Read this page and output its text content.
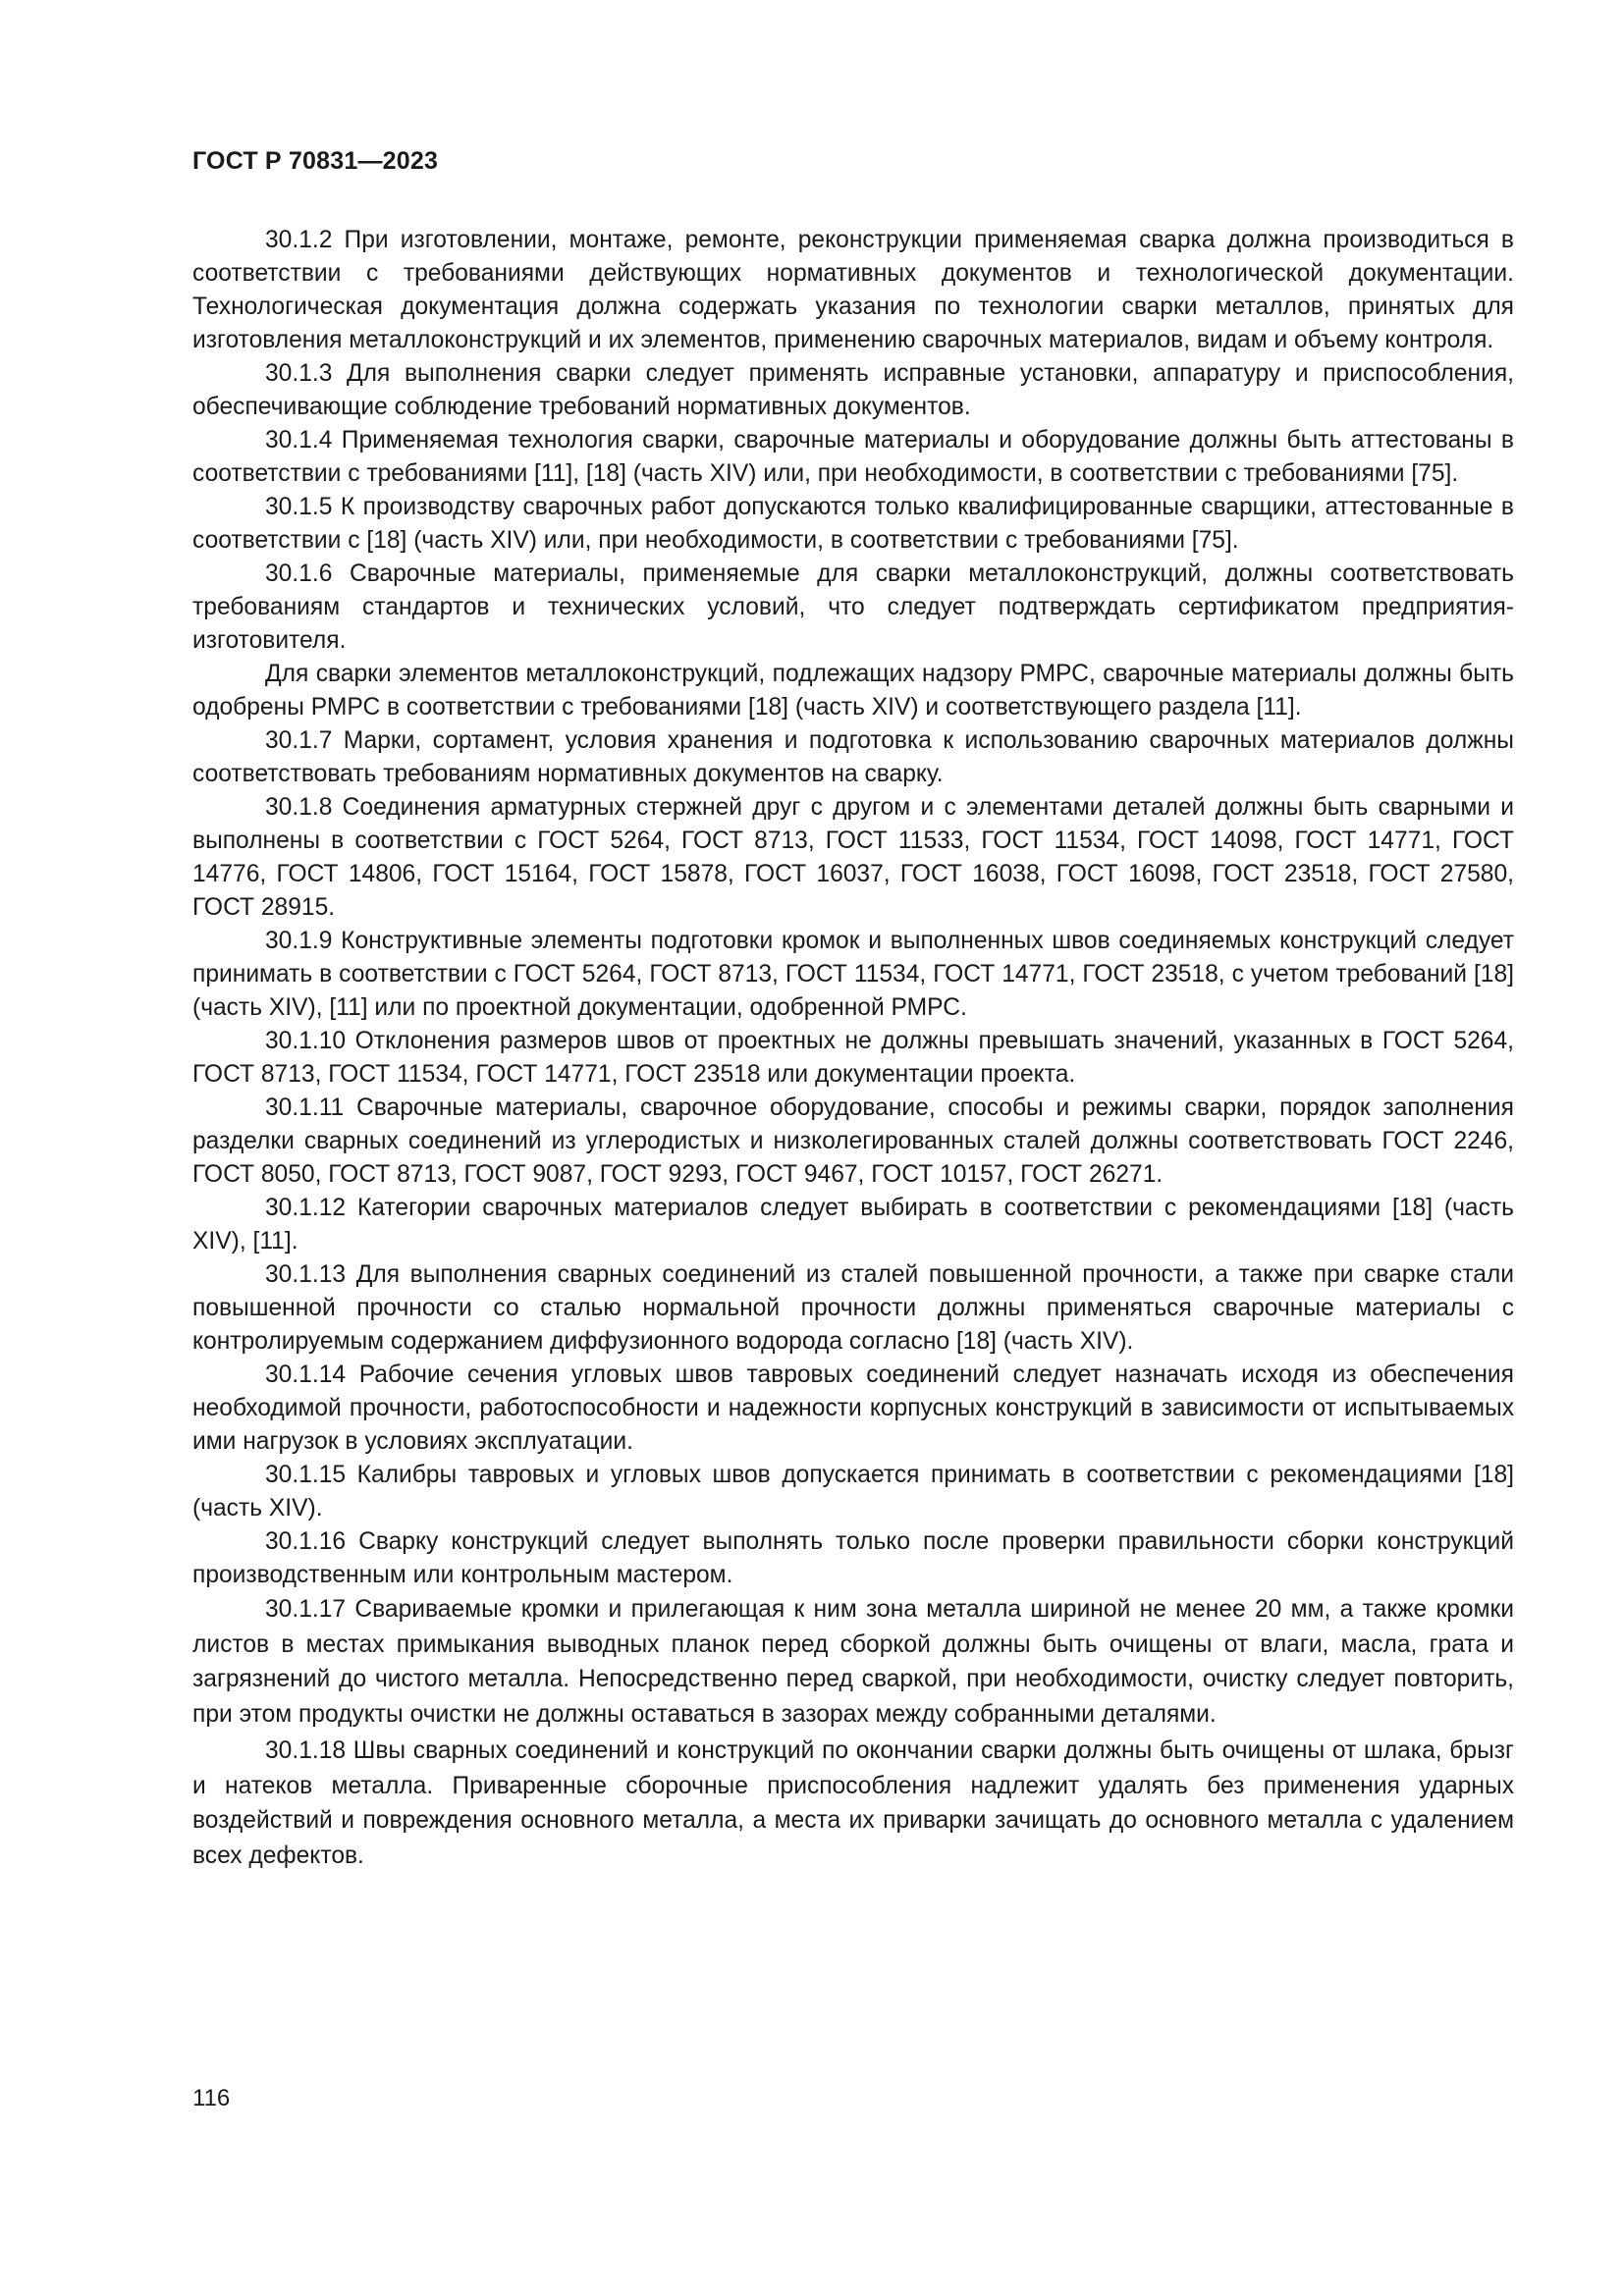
ГОСТ Р 70831—2023

30.1.2 При изготовлении, монтаже, ремонте, реконструкции применяемая сварка должна производиться в соответствии с требованиями действующих нормативных документов и технологической документации. Технологическая документация должна содержать указания по технологии сварки металлов, принятых для изготовления металлоконструкций и их элементов, применению сварочных материалов, видам и объему контроля.

30.1.3 Для выполнения сварки следует применять исправные установки, аппаратуру и приспособления, обеспечивающие соблюдение требований нормативных документов.

30.1.4 Применяемая технология сварки, сварочные материалы и оборудование должны быть аттестованы в соответствии с требованиями [11], [18] (часть XIV) или, при необходимости, в соответствии с требованиями [75].

30.1.5 К производству сварочных работ допускаются только квалифицированные сварщики, аттестованные в соответствии с [18] (часть XIV) или, при необходимости, в соответствии с требованиями [75].

30.1.6 Сварочные материалы, применяемые для сварки металлоконструкций, должны соответствовать требованиям стандартов и технических условий, что следует подтверждать сертификатом предприятия-изготовителя.

Для сварки элементов металлоконструкций, подлежащих надзору РМРС, сварочные материалы должны быть одобрены РМРС в соответствии с требованиями [18] (часть XIV) и соответствующего раздела [11].

30.1.7 Марки, сортамент, условия хранения и подготовка к использованию сварочных материалов должны соответствовать требованиям нормативных документов на сварку.

30.1.8 Соединения арматурных стержней друг с другом и с элементами деталей должны быть сварными и выполнены в соответствии с ГОСТ 5264, ГОСТ 8713, ГОСТ 11533, ГОСТ 11534, ГОСТ 14098, ГОСТ 14771, ГОСТ 14776, ГОСТ 14806, ГОСТ 15164, ГОСТ 15878, ГОСТ 16037, ГОСТ 16038, ГОСТ 16098, ГОСТ 23518, ГОСТ 27580, ГОСТ 28915.

30.1.9 Конструктивные элементы подготовки кромок и выполненных швов соединяемых конструкций следует принимать в соответствии с ГОСТ 5264, ГОСТ 8713, ГОСТ 11534, ГОСТ 14771, ГОСТ 23518, с учетом требований [18] (часть XIV), [11] или по проектной документации, одобренной РМРС.

30.1.10 Отклонения размеров швов от проектных не должны превышать значений, указанных в ГОСТ 5264, ГОСТ 8713, ГОСТ 11534, ГОСТ 14771, ГОСТ 23518 или документации проекта.

30.1.11 Сварочные материалы, сварочное оборудование, способы и режимы сварки, порядок заполнения разделки сварных соединений из углеродистых и низколегированных сталей должны соответствовать ГОСТ 2246, ГОСТ 8050, ГОСТ 8713, ГОСТ 9087, ГОСТ 9293, ГОСТ 9467, ГОСТ 10157, ГОСТ 26271.

30.1.12 Категории сварочных материалов следует выбирать в соответствии с рекомендациями [18] (часть XIV), [11].

30.1.13 Для выполнения сварных соединений из сталей повышенной прочности, а также при сварке стали повышенной прочности со сталью нормальной прочности должны применяться сварочные материалы с контролируемым содержанием диффузионного водорода согласно [18] (часть XIV).

30.1.14 Рабочие сечения угловых швов тавровых соединений следует назначать исходя из обеспечения необходимой прочности, работоспособности и надежности корпусных конструкций в зависимости от испытываемых ими нагрузок в условиях эксплуатации.

30.1.15 Калибры тавровых и угловых швов допускается принимать в соответствии с рекомендациями [18] (часть XIV).

30.1.16 Сварку конструкций следует выполнять только после проверки правильности сборки конструкций производственным или контрольным мастером.

30.1.17 Свариваемые кромки и прилегающая к ним зона металла шириной не менее 20 мм, а также кромки листов в местах примыкания выводных планок перед сборкой должны быть очищены от влаги, масла, грата и загрязнений до чистого металла. Непосредственно перед сваркой, при необходимости, очистку следует повторить, при этом продукты очистки не должны оставаться в зазорах между собранными деталями.

30.1.18 Швы сварных соединений и конструкций по окончании сварки должны быть очищены от шлака, брызг и натеков металла. Приваренные сборочные приспособления надлежит удалять без применения ударных воздействий и повреждения основного металла, а места их приварки зачищать до основного металла с удалением всех дефектов.

116
